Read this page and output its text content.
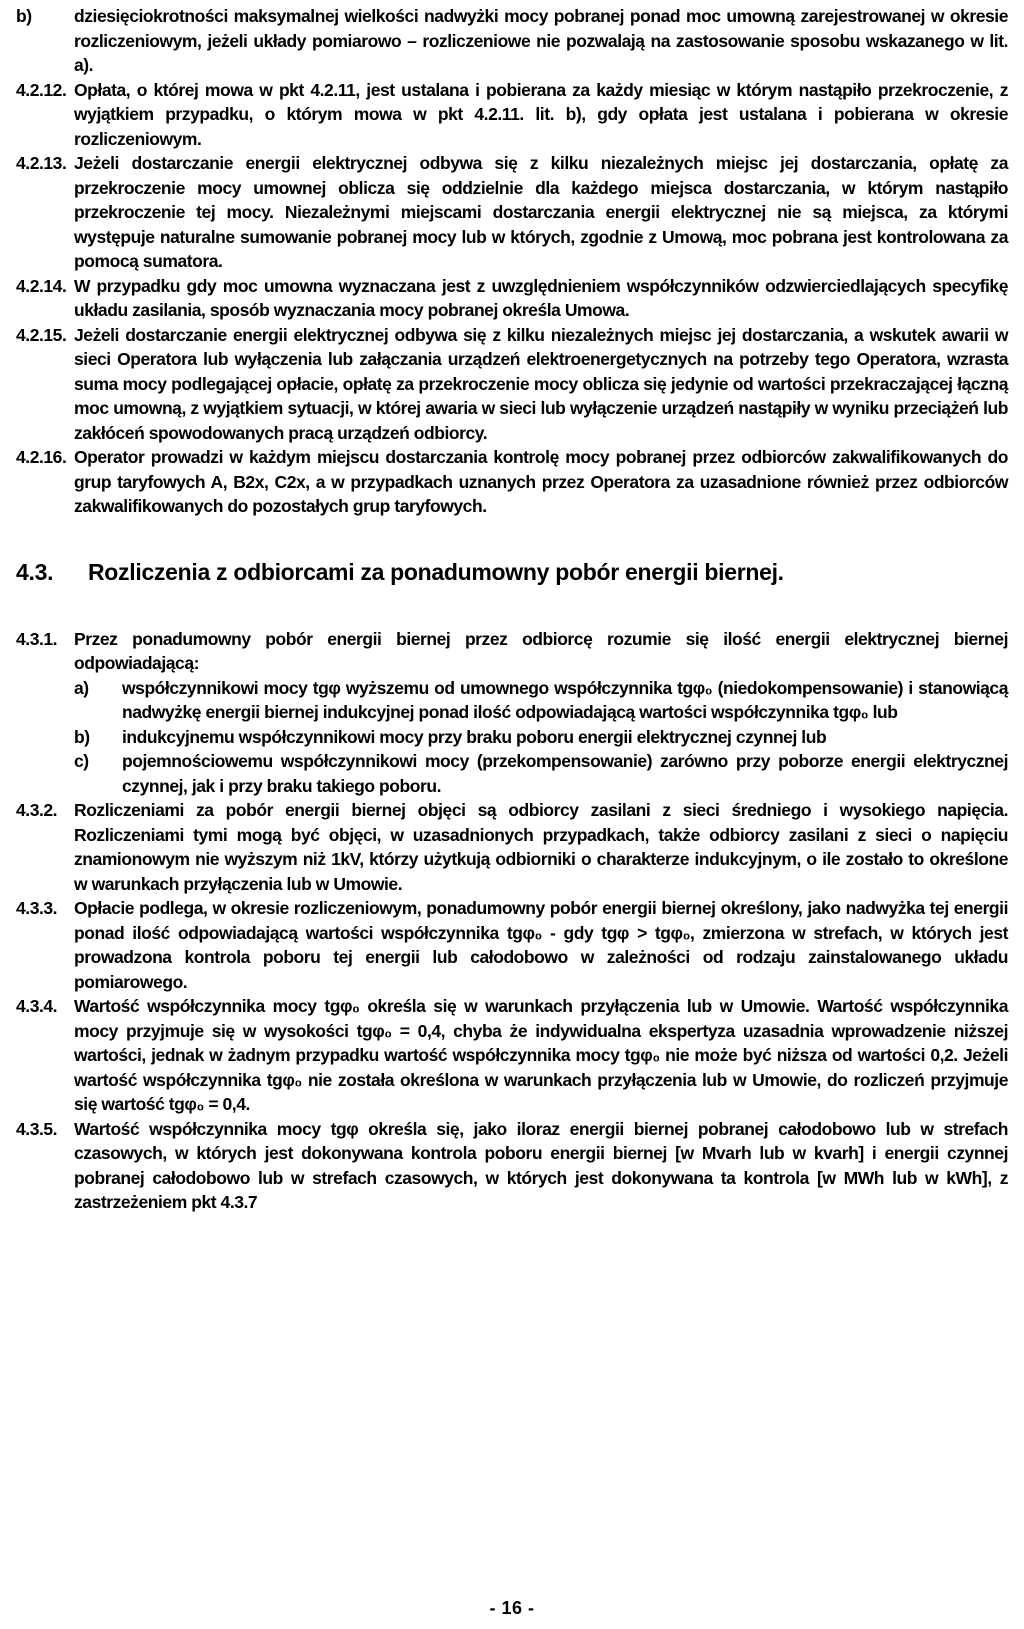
b)	dziesięciokrotności maksymalnej wielkości nadwyżki mocy pobranej ponad moc umowną zarejestrowanej w okresie rozliczeniowym, jeżeli układy pomiarowo – rozliczeniowe nie pozwalają na zastosowanie sposobu wskazanego w lit. a).
4.2.12. Opłata, o której mowa w pkt 4.2.11, jest ustalana i pobierana za każdy miesiąc w którym nastąpiło przekroczenie, z wyjątkiem przypadku, o którym mowa w pkt 4.2.11. lit. b), gdy opłata jest ustalana i pobierana w okresie rozliczeniowym.
4.2.13. Jeżeli dostarczanie energii elektrycznej odbywa się z kilku niezależnych miejsc jej dostarczania, opłatę za przekroczenie mocy umownej oblicza się oddzielnie dla każdego miejsca dostarczania, w którym nastąpiło przekroczenie tej mocy. Niezależnymi miejscami dostarczania energii elektrycznej nie są miejsca, za którymi występuje naturalne sumowanie pobranej mocy lub w których, zgodnie z Umową, moc pobrana jest kontrolowana za pomocą sumatora.
4.2.14. W przypadku gdy moc umowna wyznaczana jest z uwzględnieniem współczynników odzwierciedlających specyfikę układu zasilania, sposób wyznaczania mocy pobranej określa Umowa.
4.2.15. Jeżeli dostarczanie energii elektrycznej odbywa się z kilku niezależnych miejsc jej dostarczania, a wskutek awarii w sieci Operatora lub wyłączenia lub załączania urządzeń elektroenergetycznych na potrzeby tego Operatora, wzrasta suma mocy podlegającej opłacie, opłatę za przekroczenie mocy oblicza się jedynie od wartości przekraczającej łączną moc umowną, z wyjątkiem sytuacji, w której awaria w sieci lub wyłączenie urządzeń nastąpiły w wyniku przeciążeń lub zakłóceń spowodowanych pracą urządzeń odbiorcy.
4.2.16. Operator prowadzi w każdym miejscu dostarczania kontrolę mocy pobranej przez odbiorców zakwalifikowanych do grup taryfowych A, B2x, C2x, a w przypadkach uznanych przez Operatora za uzasadnione również przez odbiorców zakwalifikowanych do pozostałych grup taryfowych.
4.3.	Rozliczenia z odbiorcami za ponadumowny pobór energii biernej.
4.3.1. Przez ponadumowny pobór energii biernej przez odbiorcę rozumie się ilość energii elektrycznej biernej odpowiadającą:
a)	współczynnikowi mocy tgφ wyższemu od umownego współczynnika tgφ₀ (niedokompensowanie) i stanowiącą nadwyżkę energii biernej indukcyjnej ponad ilość odpowiadającą wartości współczynnika tgφ₀ lub
b)	indukcyjnemu współczynnikowi mocy przy braku poboru energii elektrycznej czynnej lub
c)	pojemnościowemu współczynnikowi mocy (przekompensowanie) zarówno przy poborze energii elektrycznej czynnej, jak i przy braku takiego poboru.
4.3.2. Rozliczeniami za pobór energii biernej objęci są odbiorcy zasilani z sieci średniego i wysokiego napięcia. Rozliczeniami tymi mogą być objęci, w uzasadnionych przypadkach, także odbiorcy zasilani z sieci o napięciu znamionowym nie wyższym niż 1kV, którzy użytkują odbiorniki o charakterze indukcyjnym, o ile zostało to określone w warunkach przyłączenia lub w Umowie.
4.3.3. Opłacie podlega, w okresie rozliczeniowym, ponadumowny pobór energii biernej określony, jako nadwyżka tej energii ponad ilość odpowiadającą wartości współczynnika tgφ₀ - gdy tgφ > tgφ₀, zmierzona w strefach, w których jest prowadzona kontrola poboru tej energii lub całodobowo w zależności od rodzaju zainstalowanego układu pomiarowego.
4.3.4. Wartość współczynnika mocy tgφ₀ określa się w warunkach przyłączenia lub w Umowie. Wartość współczynnika mocy przyjmuje się w wysokości tgφ₀ = 0,4, chyba że indywidualna ekspertyza uzasadnia wprowadzenie niższej wartości, jednak w żadnym przypadku wartość współczynnika mocy tgφ₀ nie może być niższa od wartości 0,2. Jeżeli wartość współczynnika tgφ₀ nie została określona w warunkach przyłączenia lub w Umowie, do rozliczeń przyjmuje się wartość tgφ₀ = 0,4.
4.3.5. Wartość współczynnika mocy tgφ określa się, jako iloraz energii biernej pobranej całodobowo lub w strefach czasowych, w których jest dokonywana kontrola poboru energii biernej [w Mvarh lub w kvarh] i energii czynnej pobranej całodobowo lub w strefach czasowych, w których jest dokonywana ta kontrola [w MWh lub w kWh], z zastrzeżeniem pkt 4.3.7
- 16 -
